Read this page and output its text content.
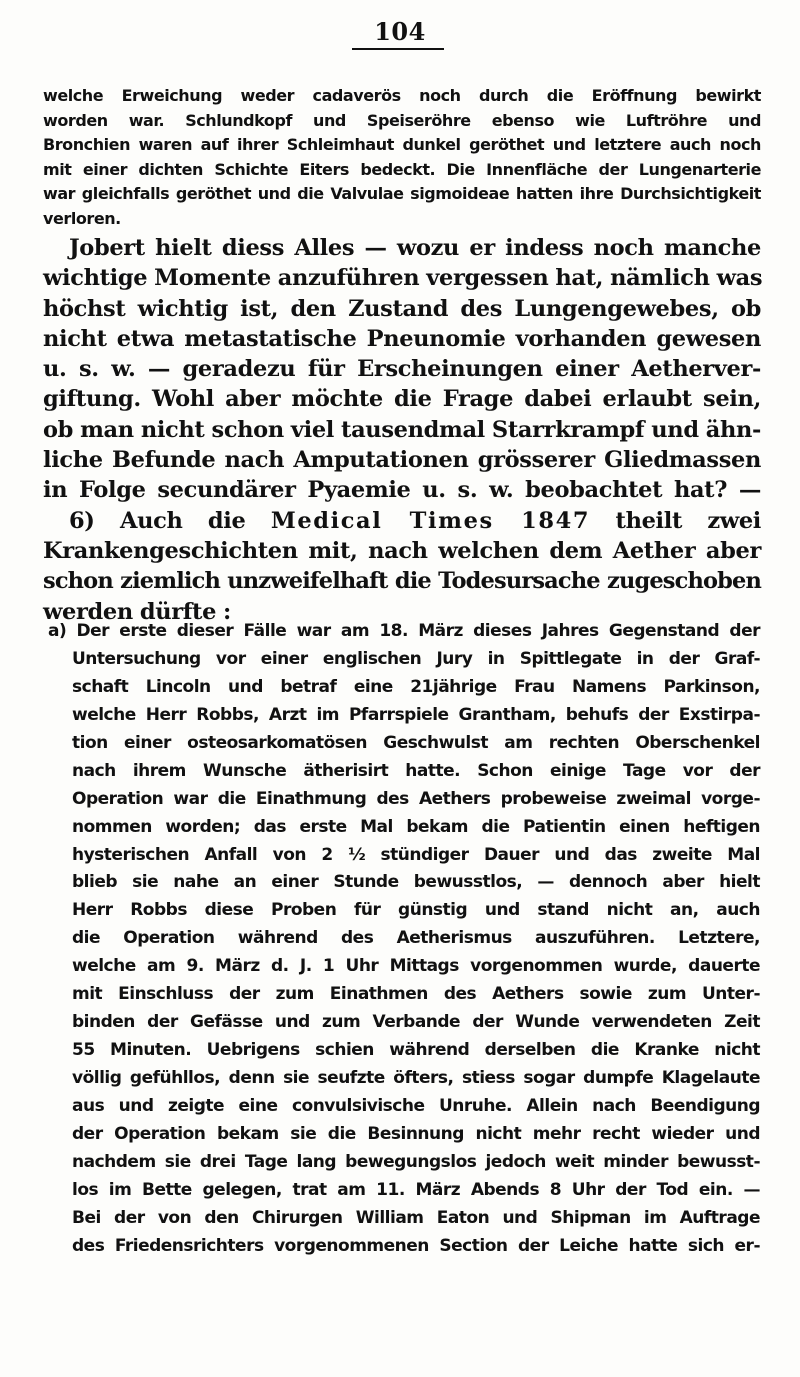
104
welche Erweichung weder cadaverös noch durch die Eröffnung bewirkt
worden war. Schlundkopf und Speiseröhre ebenso wie Luftröhre und
Bronchien waren auf ihrer Schleimhaut dunkel geröthet und letztere auch noch
mit einer dichten Schichte Eiters bedeckt. Die Innenfläche der Lungenarterie
war gleichfalls geröthet und die Valvulae sigmoideae hatten ihre Durchsichtigkeit
verloren.
Jobert hielt diess Alles — wozu er indess noch manche
wichtige Momente anzuführen vergessen hat, nämlich was
höchst wichtig ist, den Zustand des Lungengewebes, ob
nicht etwa metastatische Pneunomie vorhanden gewesen
u. s. w. — geradezu für Erscheinungen einer Aetherver-
giftung. Wohl aber möchte die Frage dabei erlaubt sein,
ob man nicht schon viel tausendmal Starrkrampf und ähn-
liche Befunde nach Amputationen grösserer Gliedmassen
in Folge secundärer Pyaemie u. s. w. beobachtet hat? —
6) Auch die Medical Times 1847 theilt zwei
Krankengeschichten mit, nach welchen dem Aether aber
schon ziemlich unzweifelhaft die Todesursache zugeschoben
werden dürfte :
a) Der erste dieser Fälle war am 18. März dieses Jahres Gegenstand der
Untersuchung vor einer englischen Jury in Spittlegate in der Graf-
schaft Lincoln und betraf eine 21jährige Frau Namens Parkinson,
welche Herr Robbs, Arzt im Pfarrspiele Grantham, behufs der Exstirpa-
tion einer osteosarkomatösen Geschwulst am rechten Oberschenkel
nach ihrem Wunsche ätherisirt hatte. Schon einige Tage vor der
Operation war die Einathmung des Aethers probeweise zweimal vorge-
nommen worden; das erste Mal bekam die Patientin einen heftigen
hysterischen Anfall von 2 ½ stündiger Dauer und das zweite Mal
blieb sie nahe an einer Stunde bewusstlos, — dennoch aber hielt
Herr Robbs diese Proben für günstig und stand nicht an, auch
die Operation während des Aetherismus auszuführen. Letztere,
welche am 9. März d. J. 1 Uhr Mittags vorgenommen wurde, dauerte
mit Einschluss der zum Einathmen des Aethers sowie zum Unter-
binden der Gefässe und zum Verbande der Wunde verwendeten Zeit
55 Minuten. Uebrigens schien während derselben die Kranke nicht
völlig gefühllos, denn sie seufzte öfters, stiess sogar dumpfe Klagelaute
aus und zeigte eine convulsivische Unruhe. Allein nach Beendigung
der Operation bekam sie die Besinnung nicht mehr recht wieder und
nachdem sie drei Tage lang bewegungslos jedoch weit minder bewusst-
los im Bette gelegen, trat am 11. März Abends 8 Uhr der Tod ein. —
Bei der von den Chirurgen William Eaton und Shipman im Auftrage
des Friedensrichters vorgenommenen Section der Leiche hatte sich er-
